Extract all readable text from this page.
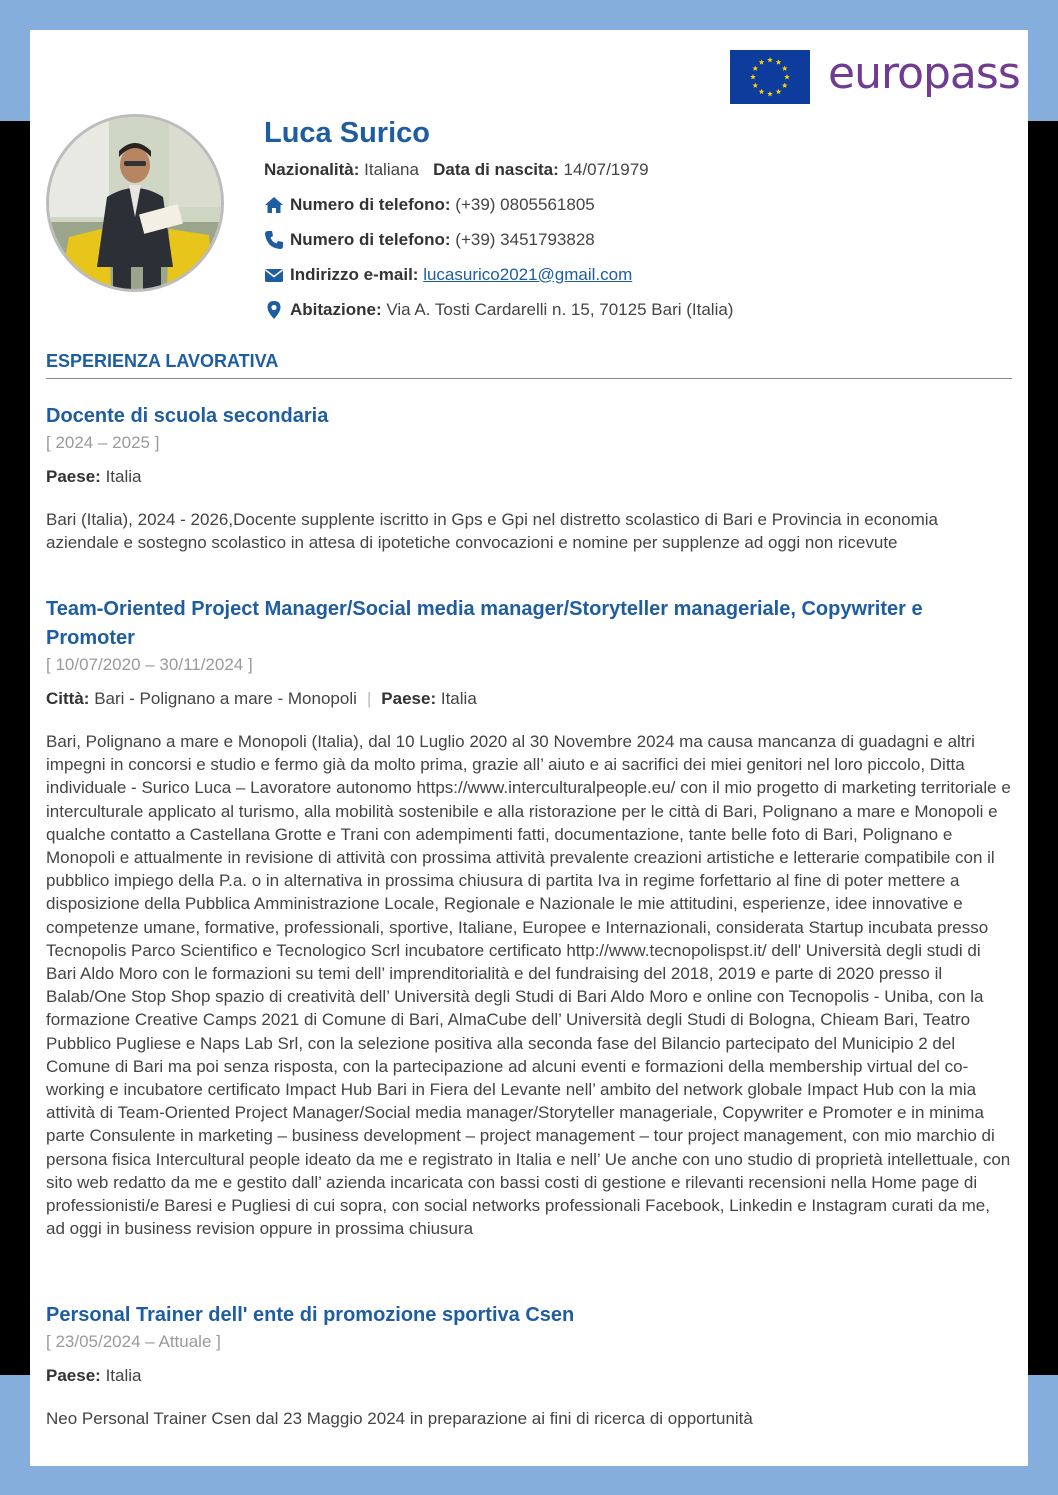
europass
Luca Surico
Nazionalità:
Italiana
Data di nascita:
14/07/1979
Numero di telefono:
(+39) 0805561805
Numero di telefono:
(+39) 3451793828
Indirizzo e-mail:
lucasurico2021@gmail.com
Abitazione:
Via A. Tosti Cardarelli n. 15, 70125 Bari (Italia)
ESPERIENZA LAVORATIVA
Docente di scuola secondaria
[ 2024 – 2025 ]
Paese: Italia
Bari (Italia), 2024 - 2026,Docente supplente iscritto in Gps e Gpi nel distretto scolastico di Bari e Provincia in economia aziendale e sostegno scolastico in attesa di ipotetiche convocazioni e nomine per supplenze ad oggi non ricevute
Team-Oriented Project Manager/Social media manager/Storyteller manageriale, Copywriter e Promoter
[ 10/07/2020 – 30/11/2024 ]
Città: Bari - Polignano a mare - Monopoli | Paese: Italia
Bari, Polignano a mare e Monopoli (Italia), dal 10 Luglio 2020 al 30 Novembre 2024 ma causa mancanza di guadagni e altri impegni in concorsi e studio e fermo già da molto prima, grazie all’ aiuto e ai sacrifici dei miei genitori nel loro piccolo, Ditta individuale - Surico Luca – Lavoratore autonomo https://www.interculturalpeople.eu/ con il mio progetto di marketing territoriale e interculturale applicato al turismo, alla mobilità sostenibile e alla ristorazione per le città di Bari, Polignano a mare e Monopoli e qualche contatto a Castellana Grotte e Trani con adempimenti fatti, documentazione, tante belle foto di Bari, Polignano e Monopoli e attualmente in revisione di attività con prossima attività prevalente creazioni artistiche e letterarie compatibile con il pubblico impiego della P.a. o in alternativa in prossima chiusura di partita Iva in regime forfettario al fine di poter mettere a disposizione della Pubblica Amministrazione Locale, Regionale e Nazionale le mie attitudini, esperienze, idee innovative e competenze umane, formative, professionali, sportive, Italiane, Europee e Internazionali, considerata Startup incubata presso Tecnopolis Parco Scientifico e Tecnologico Scrl incubatore certificato http://www.tecnopolispst.it/ dell' Università degli studi di Bari Aldo Moro con le formazioni su temi dell’ imprenditorialità e del fundraising del 2018, 2019 e parte di 2020 presso il Balab/One Stop Shop spazio di creatività dell’ Università degli Studi di Bari Aldo Moro e online con Tecnopolis - Uniba, con la formazione Creative Camps 2021 di Comune di Bari, AlmaCube dell’ Università degli Studi di Bologna, Chieam Bari, Teatro Pubblico Pugliese e Naps Lab Srl, con la selezione positiva alla seconda fase del Bilancio partecipato del Municipio 2 del Comune di Bari ma poi senza risposta, con la partecipazione ad alcuni eventi e formazioni della membership virtual del co-working e incubatore certificato Impact Hub Bari in Fiera del Levante nell’ ambito del network globale Impact Hub con la mia attività di Team-Oriented Project Manager/Social media manager/Storyteller manageriale, Copywriter e Promoter e in minima parte Consulente in marketing – business development – project management – tour project management, con mio marchio di persona fisica Intercultural people ideato da me e registrato in Italia e nell’ Ue anche con uno studio di proprietà intellettuale, con sito web redatto da me e gestito dall’ azienda incaricata con bassi costi di gestione e rilevanti recensioni nella Home page di professionisti/e Baresi e Pugliesi di cui sopra, con social networks professionali Facebook, Linkedin e Instagram curati da me, ad oggi in business revision oppure in prossima chiusura
Personal Trainer dell' ente di promozione sportiva Csen
[ 23/05/2024 – Attuale ]
Paese: Italia
Neo Personal Trainer Csen dal 23 Maggio 2024 in preparazione ai fini di ricerca di opportunità
